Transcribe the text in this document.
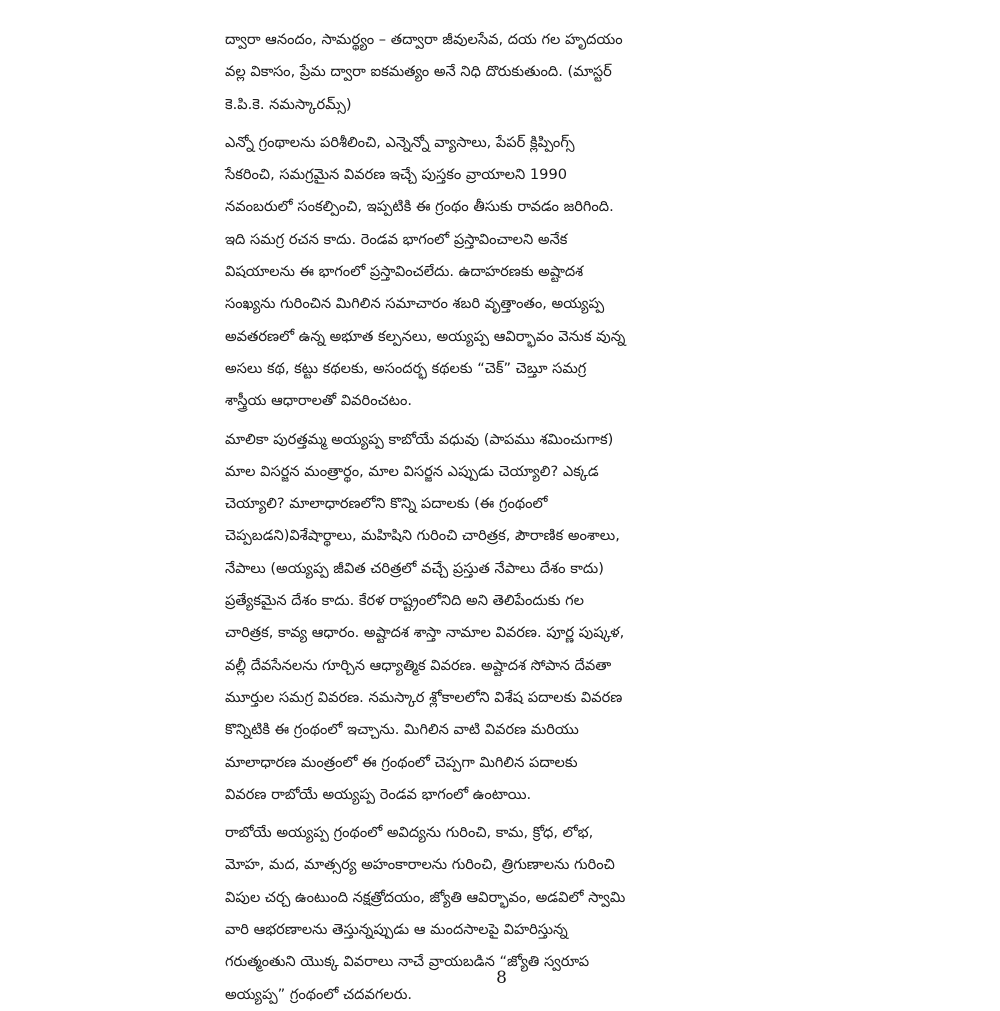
ద్వారా ఆనందం, సామర్థ్యం – తద్వారా జీవులసేవ, దయ గల హృదయం
వల్ల వికాసం, ప్రేమ ద్వారా ఐకమత్యం అనే నిధి దొరుకుతుంది. (మాస్టర్
కె.పి.కె. నమస్కారమ్స్)

ఎన్నో గ్రంథాలను పరిశీలించి, ఎన్నెన్నో వ్యాసాలు, పేపర్ క్లిప్పింగ్స్
సేకరించి, సమగ్రమైన వివరణ ఇచ్చే పుస్తకం వ్రాయాలని 1990
నవంబరులో సంకల్పించి, ఇప్పటికి ఈ గ్రంథం తీసుకు రావడం జరిగింది.
ఇది సమగ్ర రచన కాదు. రెండవ భాగంలో ప్రస్తావించాలని అనేక
విషయాలను ఈ భాగంలో ప్రస్తావించలేదు. ఉదాహరణకు అష్టాదశ
సంఖ్యను గురించిన మిగిలిన సమాచారం శబరి వృత్తాంతం, అయ్యప్ప
అవతరణలో ఉన్న అభూత కల్పనలు, అయ్యప్ప ఆవిర్భావం వెనుక వున్న
అసలు కథ, కట్టు కథలకు, అసందర్భ కథలకు “చెక్” చెబ్తూ సమగ్ర
శాస్త్రీయ ఆధారాలతో వివరించటం.

మాలికా పురత్తమ్మ అయ్యప్ప కాబోయే వధువు (పాపము శమించుగాక)
మాల విసర్జన మంత్రార్థం, మాల విసర్జన ఎప్పుడు చెయ్యాలి? ఎక్కడ
చెయ్యాలి? మాలాధారణలోని కొన్ని పదాలకు (ఈ గ్రంథంలో
చెప్పబడని)విశేషార్థాలు, మహిషిని గురించి చారిత్రక, పౌరాణిక అంశాలు,
నేపాలు (అయ్యప్ప జీవిత చరిత్రలో వచ్చే ప్రస్తుత నేపాలు దేశం కాదు)
ప్రత్యేకమైన దేశం కాదు. కేరళ రాష్ట్రంలోనిది అని తెలిపేందుకు గల
చారిత్రక, కావ్య ఆధారం. అష్టాదశ శాస్తా నామాల వివరణ. పూర్ణ పుష్కళ,
వల్లీ దేవసేనలను గూర్చిన ఆధ్యాత్మిక వివరణ. అష్టాదశ సోపాన దేవతా
మూర్తుల సమగ్ర వివరణ. నమస్కార శ్లోకాలలోని విశేష పదాలకు వివరణ
కొన్నిటికి ఈ గ్రంథంలో ఇచ్చాను. మిగిలిన వాటి వివరణ మరియు
మాలాధారణ మంత్రంలో ఈ గ్రంథంలో చెప్పగా మిగిలిన పదాలకు
వివరణ రాబోయే అయ్యప్ప రెండవ భాగంలో ఉంటాయి.

రాబోయే అయ్యప్ప గ్రంథంలో అవిద్యను గురించి, కామ, క్రోధ, లోభ,
మోహ, మద, మాత్సర్య అహంకారాలను గురించి, త్రిగుణాలను గురించి
విపుల చర్చ ఉంటుంది నక్షత్రోదయం, జ్యోతి ఆవిర్భావం, అడవిలో స్వామి
వారి ఆభరణాలను తెస్తున్నప్పుడు ఆ మందసాలపై విహరిస్తున్న
గరుత్మంతుని యొక్క వివరాలు నాచే వ్రాయబడిన “జ్యోతి స్వరూప
అయ్యప్ప” గ్రంథంలో చదవగలరు.

8
